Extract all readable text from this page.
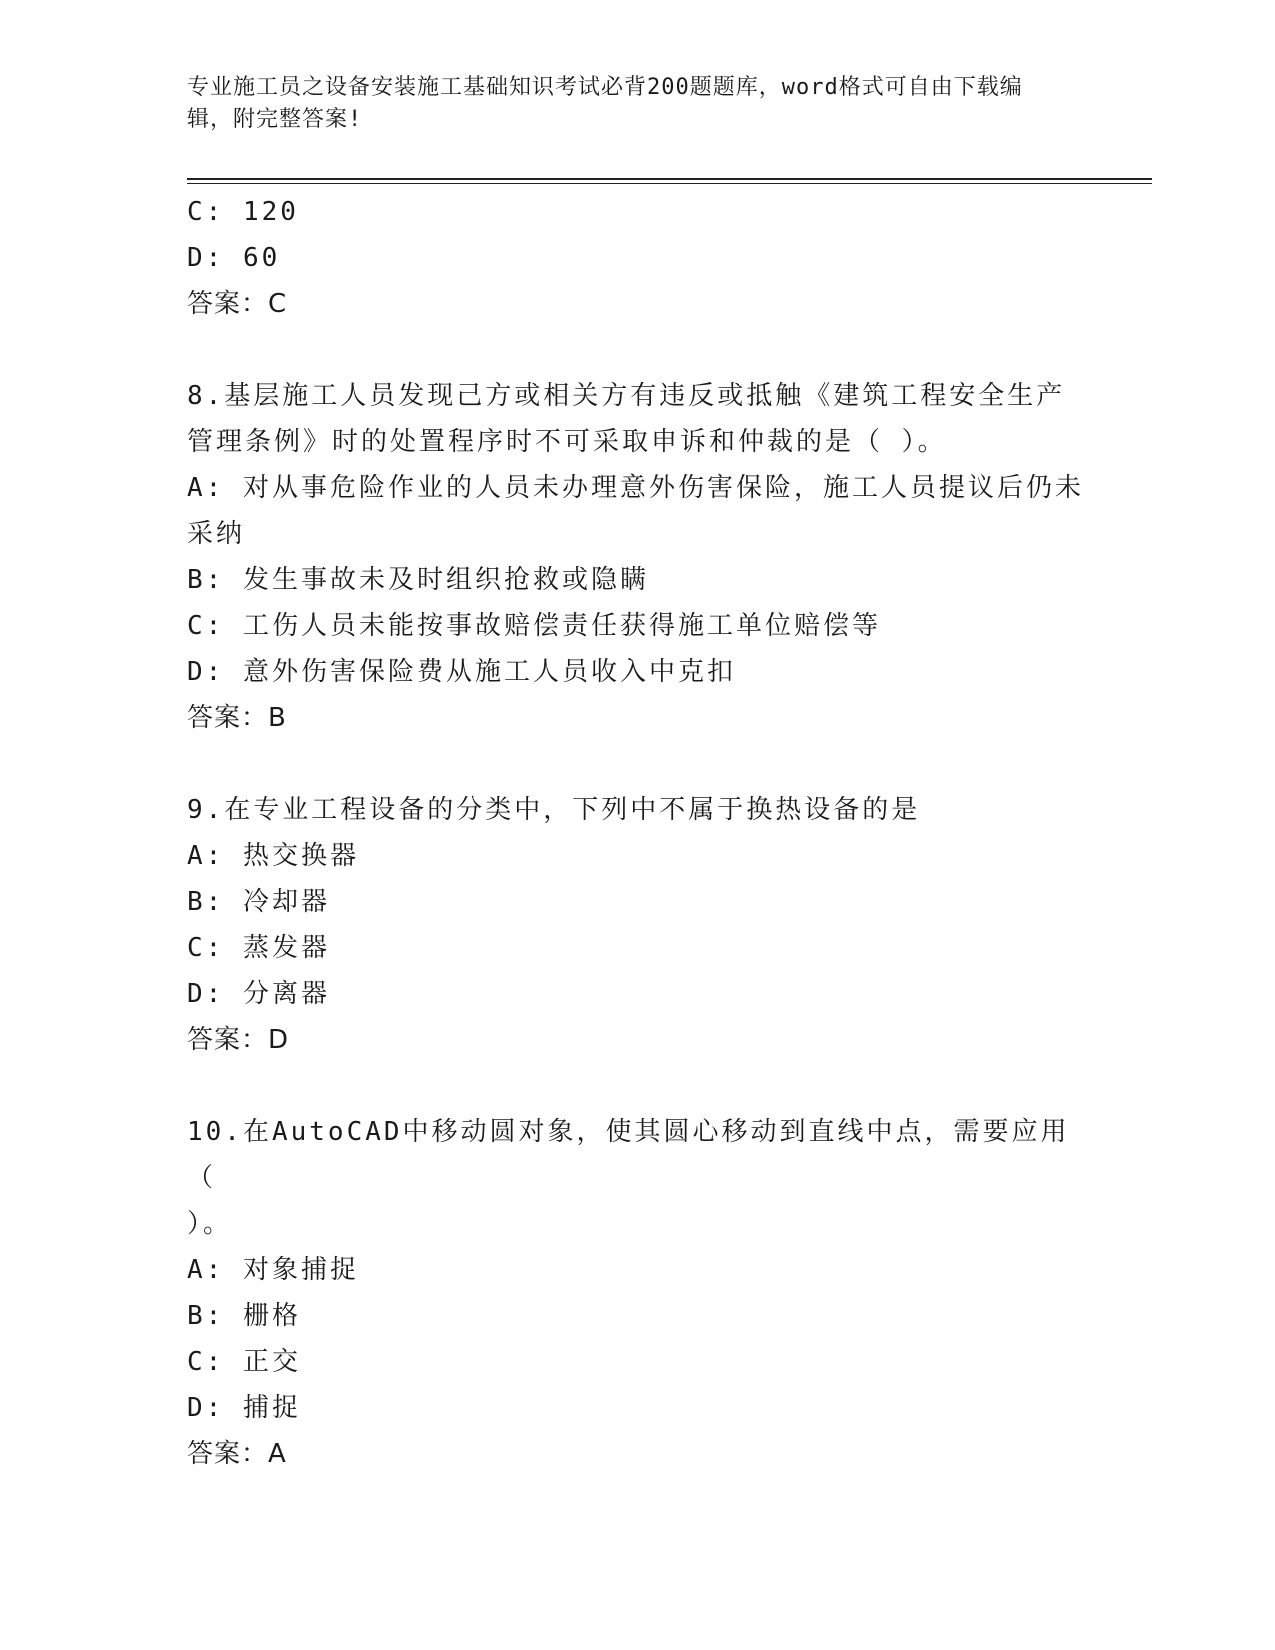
专业施工员之设备安装施工基础知识考试必背200题题库，word格式可自由下载编辑，附完整答案!

C: 120

D: 60

答案：C

8.基层施工人员发现己方或相关方有违反或抵触《建筑工程安全生产

管理条例》时的处置程序时不可采取申诉和仲裁的是（ ）。

A: 对从事危险作业的人员未办理意外伤害保险，施工人员提议后仍未

采纳

B: 发生事故未及时组织抢救或隐瞒

C: 工伤人员未能按事故赔偿责任获得施工单位赔偿等

D: 意外伤害保险费从施工人员收入中克扣

答案：B

9.在专业工程设备的分类中，下列中不属于换热设备的是

A: 热交换器

B: 冷却器

C: 蒸发器

D: 分离器

答案：D

10.在AutoCAD中移动圆对象，使其圆心移动到直线中点，需要应用（

）。

A: 对象捕捉

B: 栅格

C: 正交

D: 捕捉

答案：A
